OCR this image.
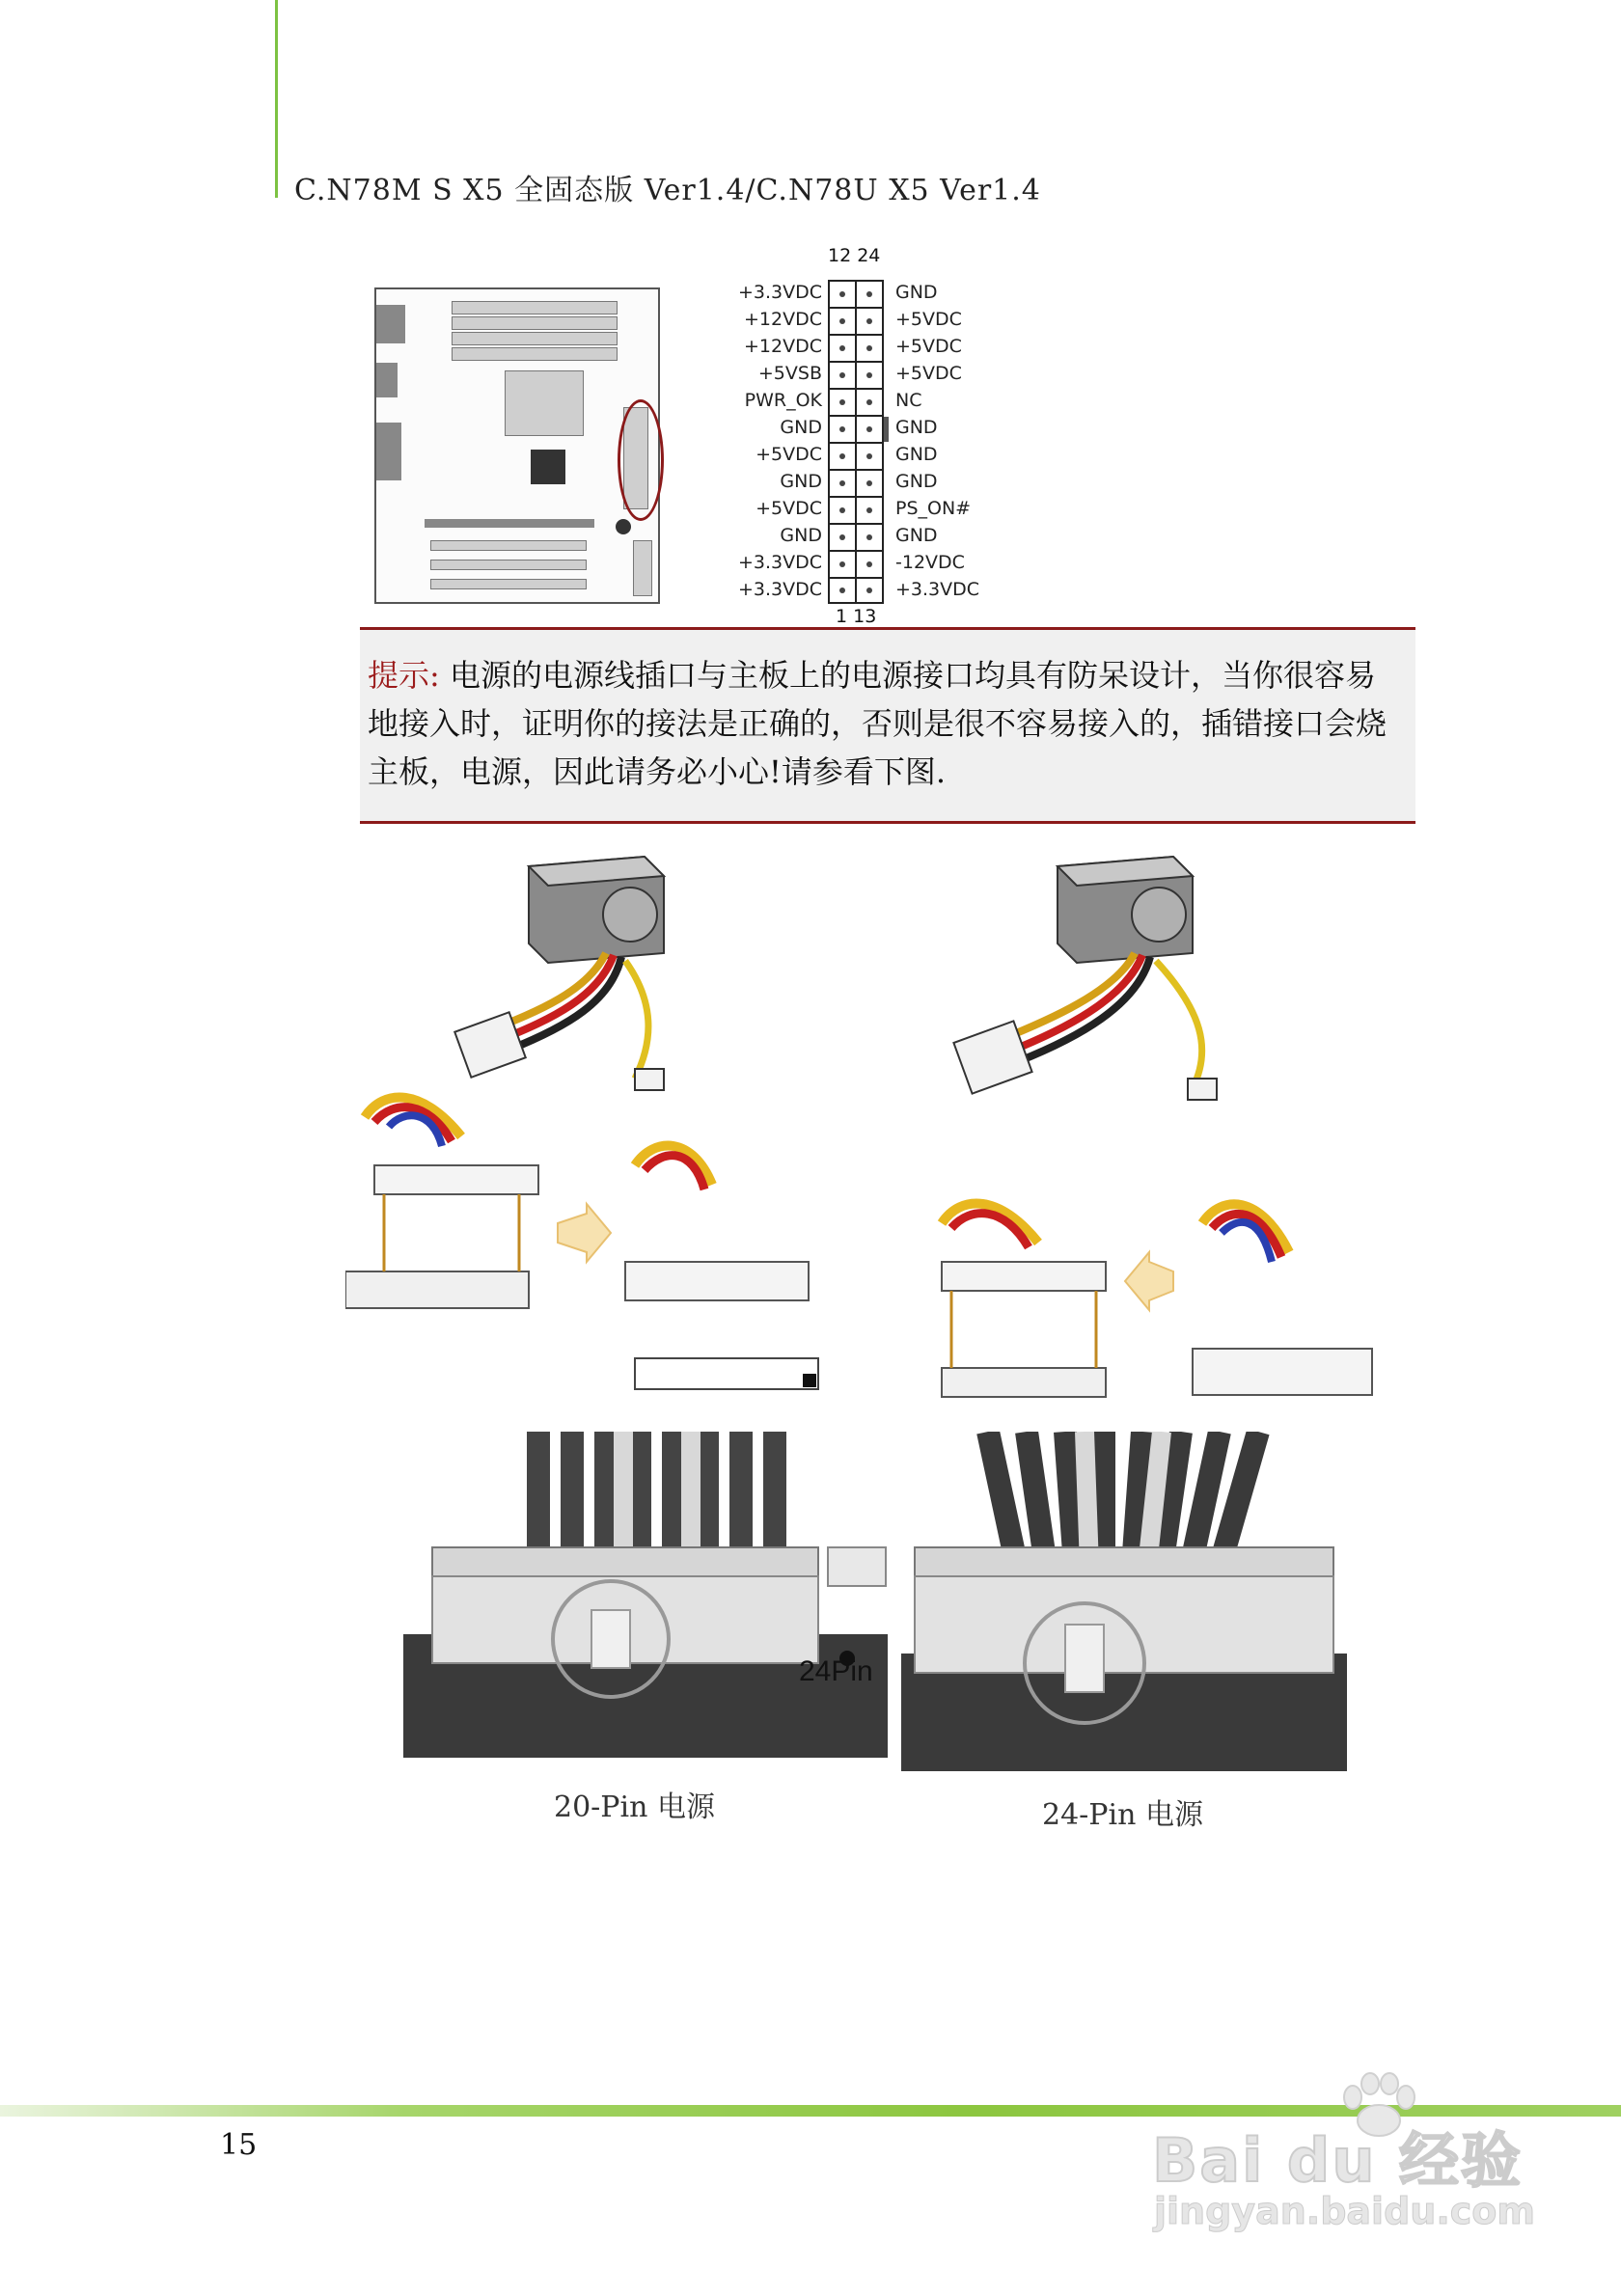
C.N78M S X5 全固态版 Ver1.4/C.N78U X5 Ver1.4
12 24
+3.3VDC	GND
+12VDC	+5VDC
+12VDC	+5VDC
+5VSB	+5VDC
PWR_OK	NC
GND	GND
+5VDC	GND
GND	GND
+5VDC	PS_ON#
GND	GND
+3.3VDC	-12VDC
+3.3VDC	+3.3VDC
1 13
提示: 电源的电源线插口与主板上的电源接口均具有防呆设计，当你很容易地接入时，证明你的接法是正确的，否则是很不容易接入的，插错接口会烧主板，电源，因此请务必小心!请参看下图.
24Pin
20-Pin 电源	24-Pin 电源
15	Bai du 经验
jingyan.baidu.com
